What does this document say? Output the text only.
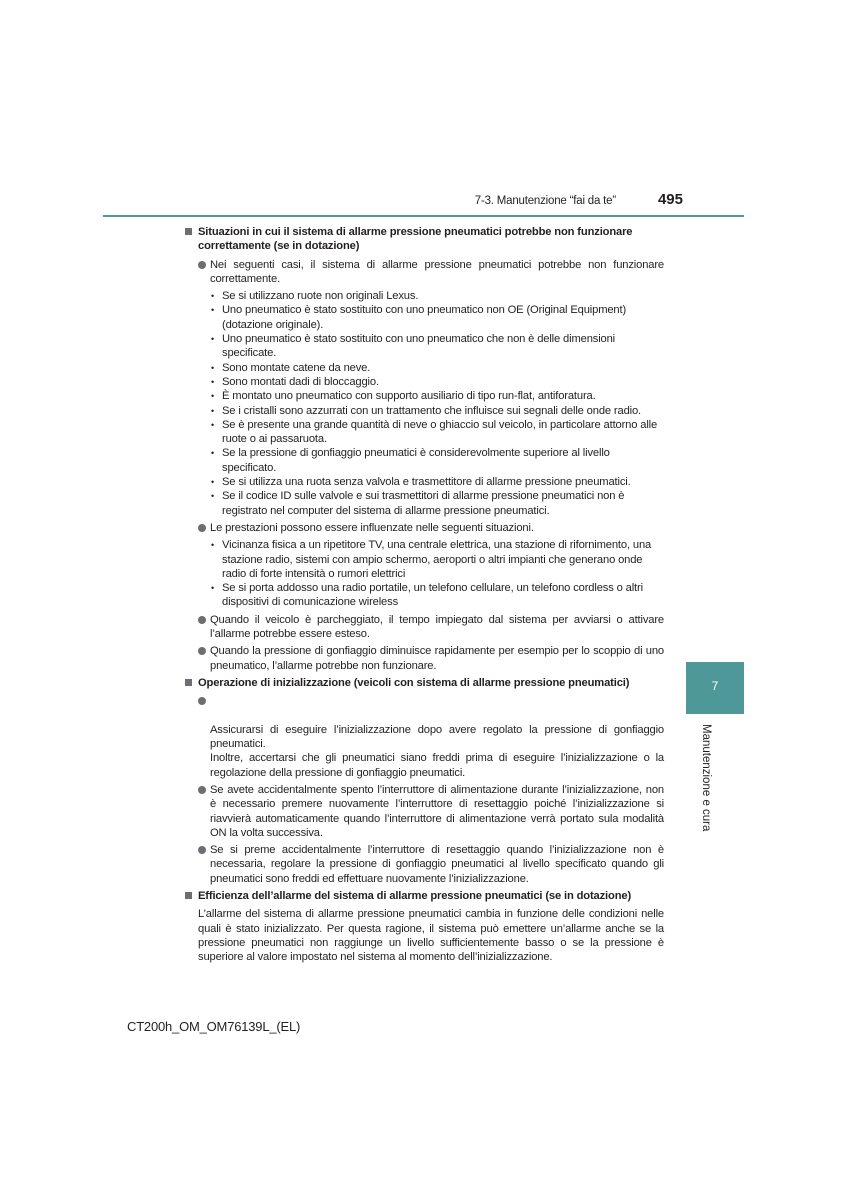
7-3. Manutenzione “fai da te”	495
7
Manutenzione e cura
Situazioni in cui il sistema di allarme pressione pneumatici potrebbe non funzionare correttamente (se in dotazione)
Nei seguenti casi, il sistema di allarme pressione pneumatici potrebbe non funzionare correttamente.
• Se si utilizzano ruote non originali Lexus.
• Uno pneumatico è stato sostituito con uno pneumatico non OE (Original Equipment) (dotazione originale).
• Uno pneumatico è stato sostituito con uno pneumatico che non è delle dimensioni specificate.
• Sono montate catene da neve.
• Sono montati dadi di bloccaggio.
• È montato uno pneumatico con supporto ausiliario di tipo run-flat, antiforatura.
• Se i cristalli sono azzurrati con un trattamento che influisce sui segnali delle onde radio.
• Se è presente una grande quantità di neve o ghiaccio sul veicolo, in particolare attorno alle ruote o ai passaruota.
• Se la pressione di gonfiaggio pneumatici è considerevolmente superiore al livello specificato.
• Se si utilizza una ruota senza valvola e trasmettitore di allarme pressione pneumatici.
• Se il codice ID sulle valvole e sui trasmettitori di allarme pressione pneumatici non è registrato nel computer del sistema di allarme pressione pneumatici.
Le prestazioni possono essere influenzate nelle seguenti situazioni.
• Vicinanza fisica a un ripetitore TV, una centrale elettrica, una stazione di rifornimento, una stazione radio, sistemi con ampio schermo, aeroporti o altri impianti che generano onde radio di forte intensità o rumori elettrici
• Se si porta addosso una radio portatile, un telefono cellulare, un telefono cordless o altri dispositivi di comunicazione wireless
Quando il veicolo è parcheggiato, il tempo impiegato dal sistema per avviarsi o attivare l’allarme potrebbe essere esteso.
Quando la pressione di gonfiaggio diminuisce rapidamente per esempio per lo scoppio di uno pneumatico, l’allarme potrebbe non funzionare.
Operazione di inizializzazione (veicoli con sistema di allarme pressione pneumatici)

Assicurarsi di eseguire l’inizializzazione dopo avere regolato la pressione di gonfiaggio pneumatici.
Inoltre, accertarsi che gli pneumatici siano freddi prima di eseguire l’inizializzazione o la regolazione della pressione di gonfiaggio pneumatici.

Se avete accidentalmente spento l’interruttore di alimentazione durante l’inizializzazione, non è necessario premere nuovamente l’interruttore di resettaggio poiché l’inizializzazione si riavvierà automaticamente quando l’interruttore di alimentazione verrà portato sula modalità ON la volta successiva.
Se si preme accidentalmente l’interruttore di resettaggio quando l’inizializzazione non è necessaria, regolare la pressione di gonfiaggio pneumatici al livello specificato quando gli pneumatici sono freddi ed effettuare nuovamente l’inizializzazione.
Efficienza dell’allarme del sistema di allarme pressione pneumatici (se in dotazione)
L’allarme del sistema di allarme pressione pneumatici cambia in funzione delle condizioni nelle quali è stato inizializzato. Per questa ragione, il sistema può emettere un’allarme anche se la pressione pneumatici non raggiunge un livello sufficientemente basso o se la pressione è superiore al valore impostato nel sistema al momento dell’inizializzazione.
CT200h_OM_OM76139L_(EL)
